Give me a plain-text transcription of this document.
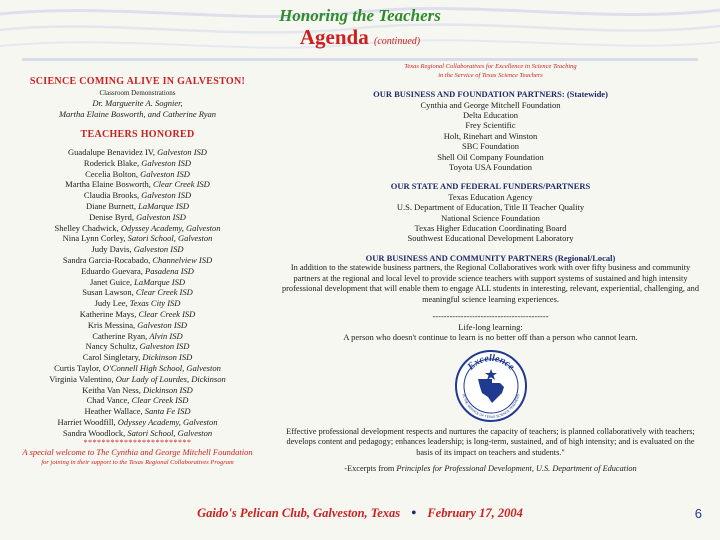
Honoring the Teachers
Agenda (continued)
SCIENCE COMING ALIVE IN GALVESTON!
Classroom Demonstrations
Dr. Marguerite A. Sognier,
Martha Elaine Bosworth, and Catherine Ryan
TEACHERS HONORED
Guadalupe Benavidez IV, Galveston ISD
Roderick Blake, Galveston ISD
Cecelia Bolton, Galveston ISD
Martha Elaine Bosworth, Clear Creek ISD
Claudia Brooks, Galveston ISD
Diane Burnett, LaMarque ISD
Denise Byrd, Galveston ISD
Shelley Chadwick, Odyssey Academy, Galveston
Nina Lynn Corley, Satori School, Galveston
Judy Davis, Galveston ISD
Sandra Garcia-Rocabado, Channelview ISD
Eduardo Guevara, Pasadena ISD
Janet Guice, LaMarque ISD
Susan Lawson, Clear Creek ISD
Judy Lee, Texas City ISD
Katherine Mays, Clear Creek ISD
Kris Messina, Galveston ISD
Catherine Ryan, Alvin ISD
Nancy Schultz, Galveston ISD
Carol Singletary, Dickinson ISD
Curtis Taylor, O'Connell High School, Galveston
Virginia Valentino, Our Lady of Lourdes, Dickinson
Keitha Van Ness, Dickinson ISD
Chad Vance, Clear Creek ISD
Heather Wallace, Santa Fe ISD
Harriet Woodfill, Odyssey Academy, Galveston
Sandra Woodlock, Satori School, Galveston
************************
A special welcome to The Cynthia and George Mitchell Foundation
for joining in their support to the Texas Regional Collaboratives Program
Texas Regional Collaboratives for Excellence in Science Teaching
in the Service of Texas Science Teachers
OUR BUSINESS AND FOUNDATION PARTNERS: (Statewide)
Cynthia and George Mitchell Foundation
Delta Education
Frey Scientific
Holt, Rinehart and Winston
SBC Foundation
Shell Oil Company Foundation
Toyota USA Foundation
OUR STATE AND FEDERAL FUNDERS/PARTNERS
Texas Education Agency
U.S. Department of Education, Title II Teacher Quality
National Science Foundation
Texas Higher Education Coordinating Board
Southwest Educational Development Laboratory
OUR BUSINESS AND COMMUNITY PARTNERS (Regional/Local)
In addition to the statewide business partners, the Regional Collaboratives work with over fifty business and community partners at the regional and local level to provide science teachers with support systems of sustained and high intensity professional development that will enable them to engage ALL students in interesting, relevant, experiential, challenging, and meaningful science learning experiences.
-----------------------------------------
Life-long learning:
A person who doesn't continue to learn is no better off than a person who cannot learn.
Excellence
IN THE SERVICE OF TEXAS SCIENCE TEACHERS
Effective professional development respects and nurtures the capacity of teachers; is planned collaboratively with teachers; develops content and pedagogy; enhances leadership; is long-term, sustained, and of high intensity; and is evaluated on the basis of its impact on teachers and students."
-Excerpts from Principles for Professional Development, U.S. Department of Education
Gaido's Pelican Club, Galveston, Texas • February 17, 2004	6
